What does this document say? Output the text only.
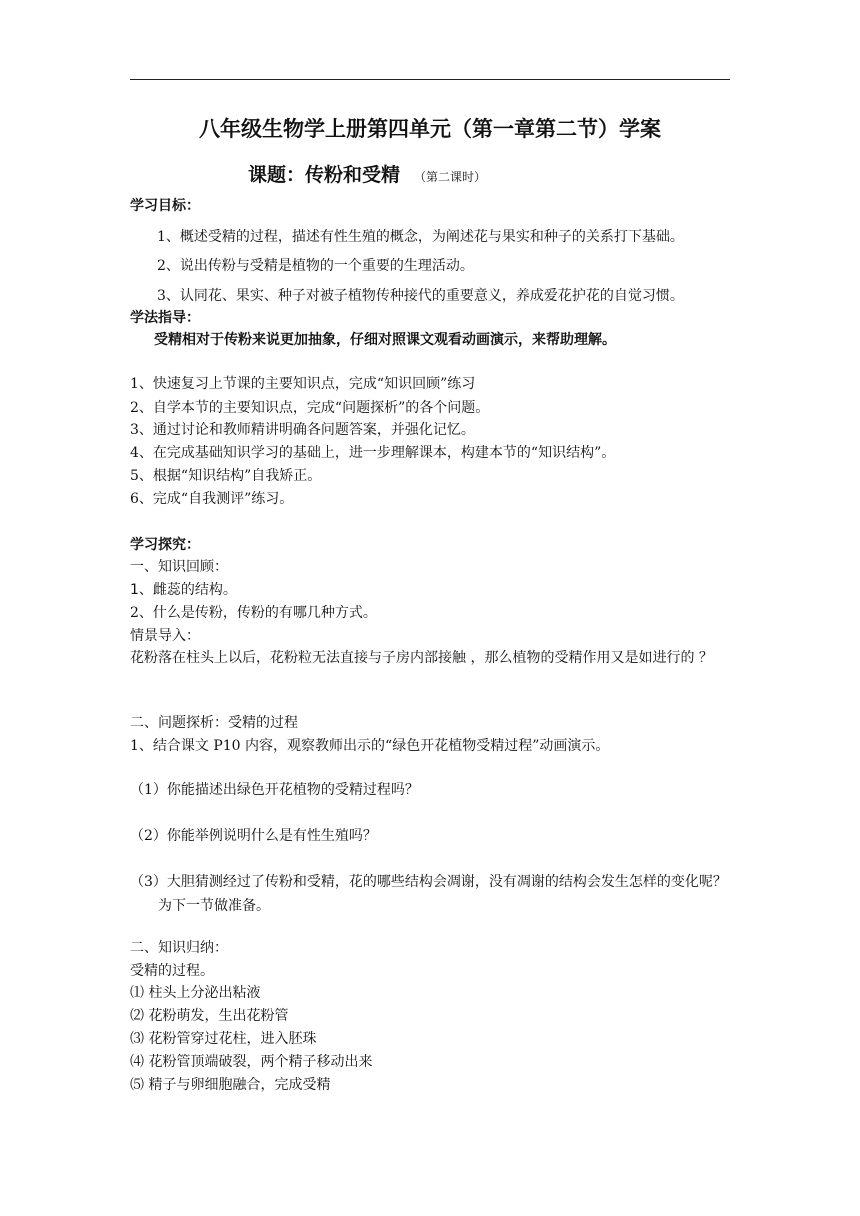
八年级生物学上册第四单元（第一章第二节）学案
课题：传粉和受精 （第二课时）
学习目标：
1、概述受精的过程，描述有性生殖的概念，为阐述花与果实和种子的关系打下基础。
2、说出传粉与受精是植物的一个重要的生理活动。
3、认同花、果实、种子对被子植物传种接代的重要意义，养成爱花护花的自觉习惯。
学法指导：
受精相对于传粉来说更加抽象，仔细对照课文观看动画演示，来帮助理解。
1、快速复习上节课的主要知识点，完成“知识回顾”练习
2、自学本节的主要知识点，完成“问题探析”的各个问题。
3、通过讨论和教师精讲明确各问题答案，并强化记忆。
4、在完成基础知识学习的基础上，进一步理解课本，构建本节的“知识结构”。
5、根据“知识结构”自我矫正。
6、完成“自我测评”练习。
学习探究：
一、知识回顾：
1、雌蕊的结构。
2、什么是传粉，传粉的有哪几种方式。
情景导入：
花粉落在柱头上以后，花粉粒无法直接与子房内部接触 ，那么植物的受精作用又是如进行的 ？
二、问题探析：受精的过程
1、结合课文 P10 内容，观察教师出示的“绿色开花植物受精过程”动画演示。
（1）你能描述出绿色开花植物的受精过程吗？
（2）你能举例说明什么是有性生殖吗？
（3）大胆猜测经过了传粉和受精，花的哪些结构会凋谢，没有凋谢的结构会发生怎样的变化呢？为下一节做准备。
二、知识归纳：
受精的过程。
⑴ 柱头上分泌出粘液
⑵ 花粉萌发，生出花粉管
⑶ 花粉管穿过花柱，进入胚珠
⑷ 花粉管顶端破裂，两个精子移动出来
⑸ 精子与卵细胞融合，完成受精
